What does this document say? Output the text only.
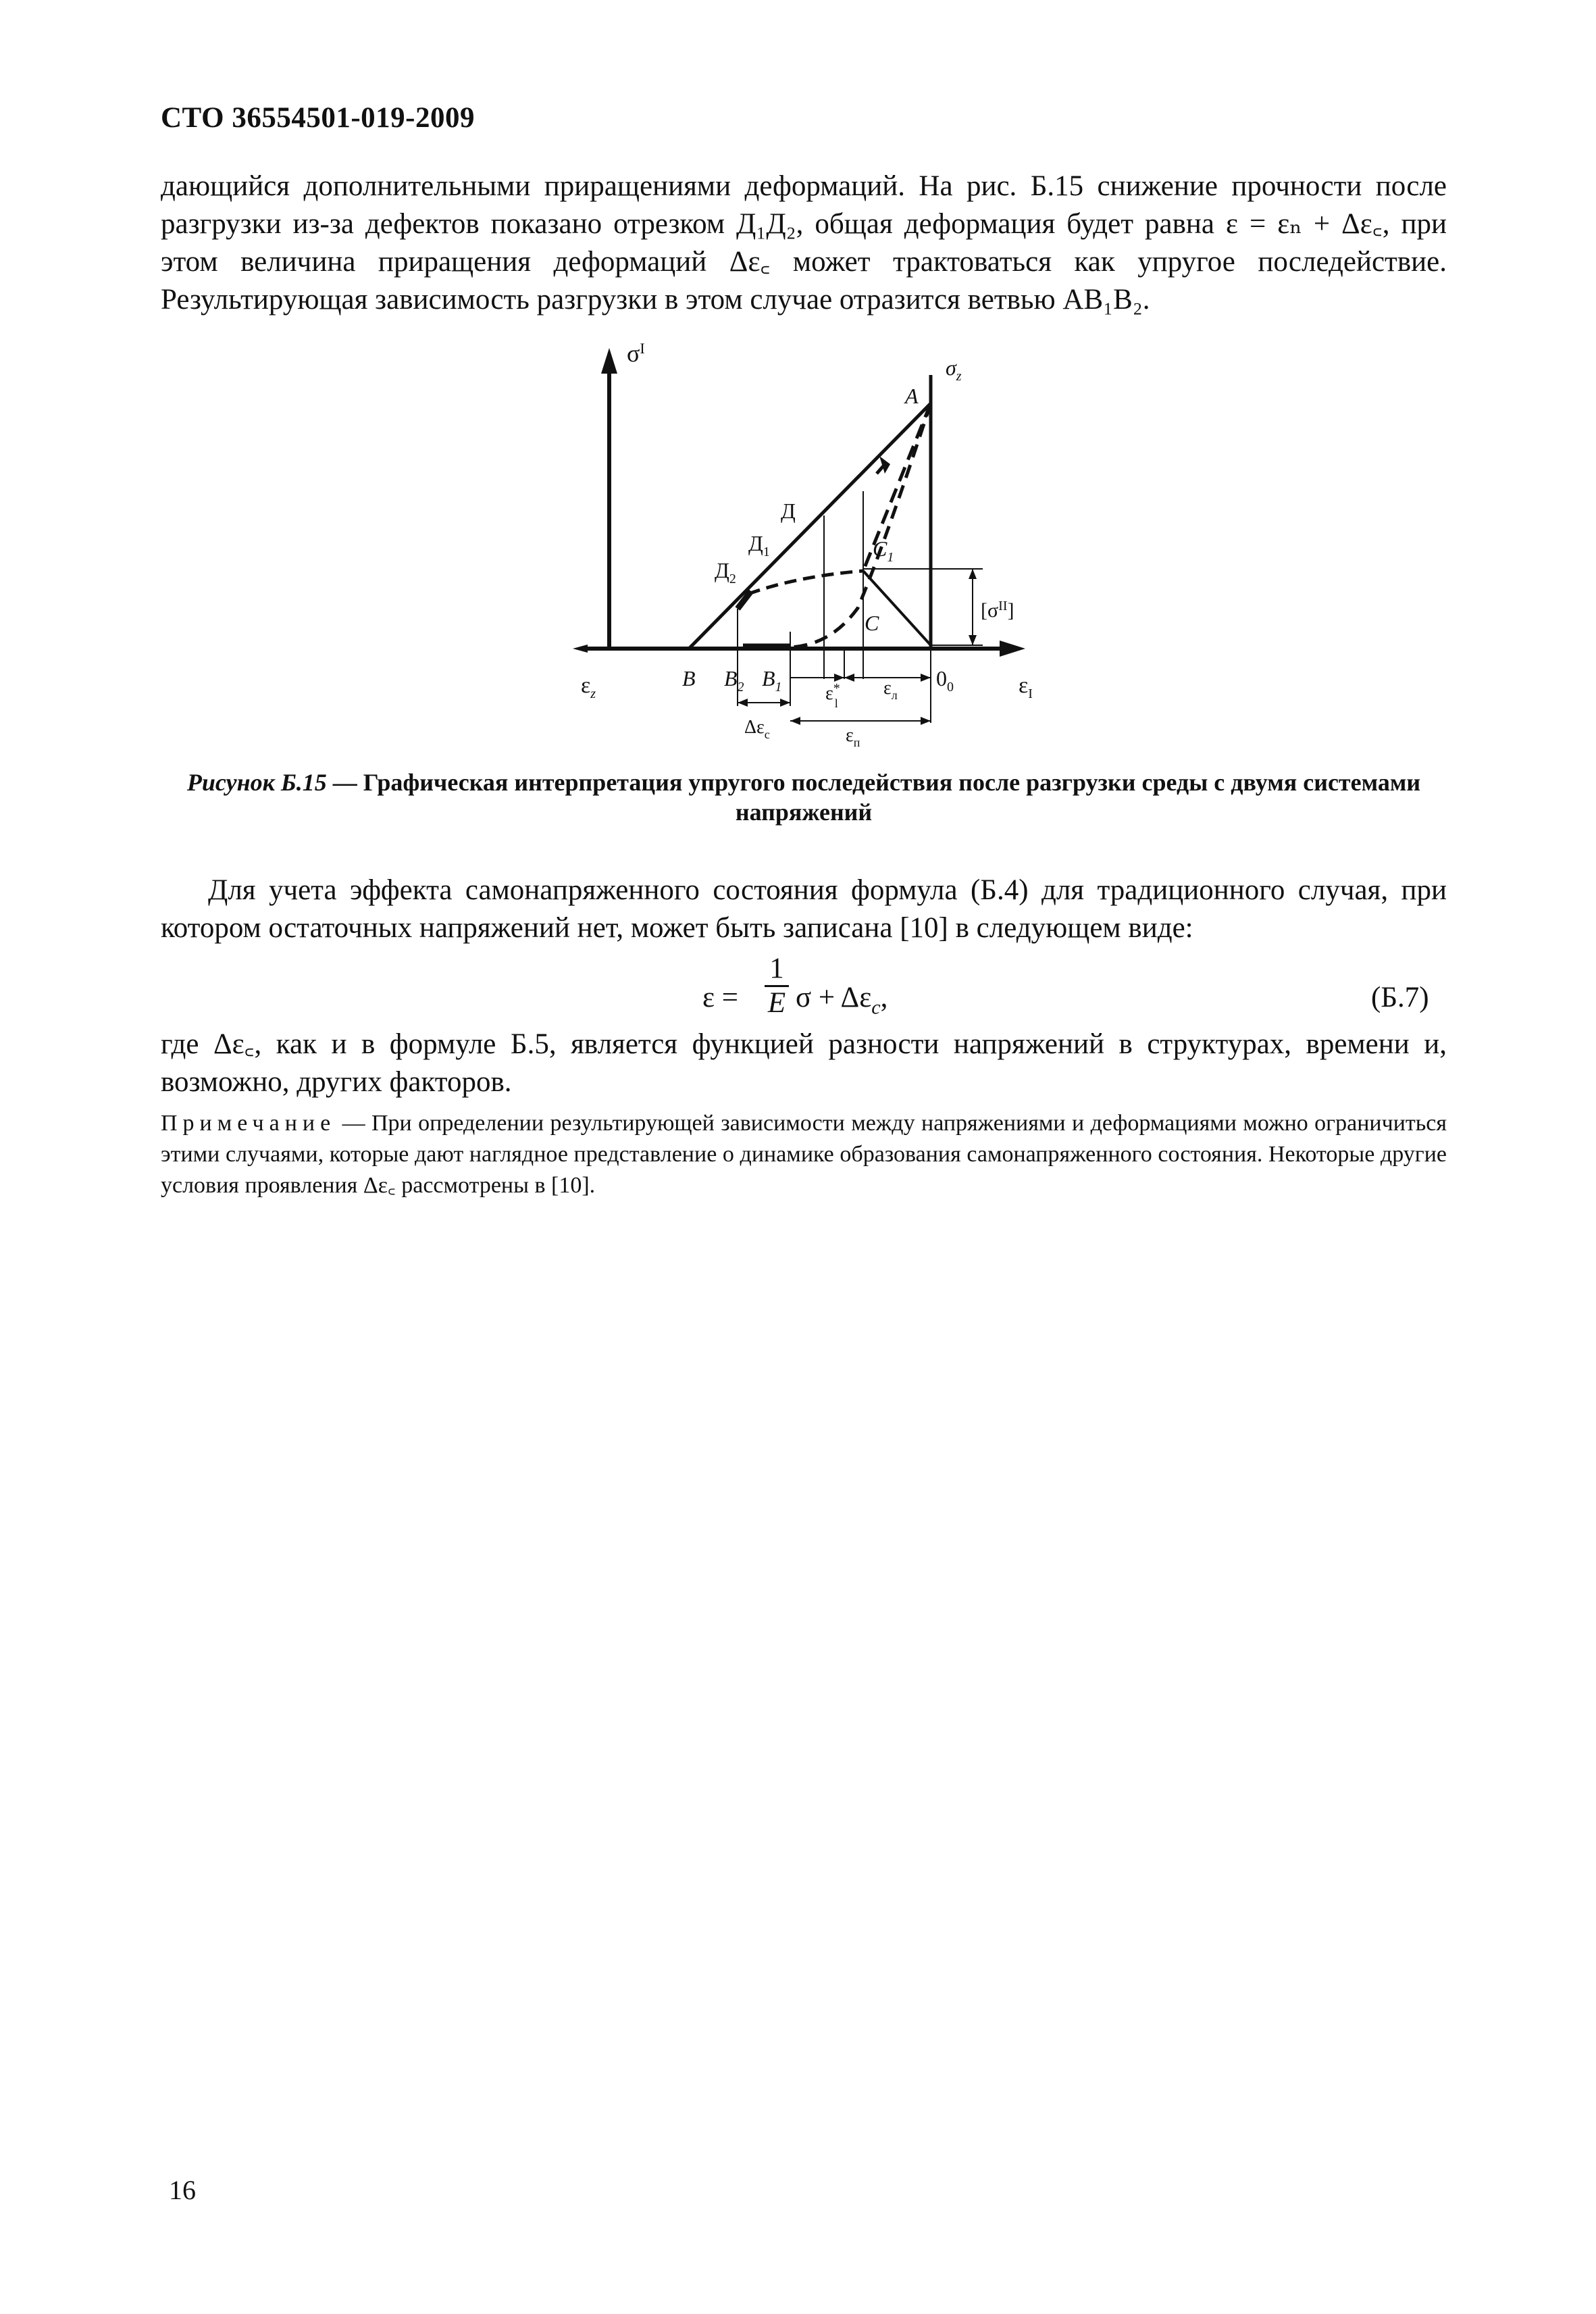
СТО 36554501-019-2009
дающийся дополнительными приращениями деформаций. На рис. Б.15 снижение прочности после разгрузки из-за дефектов показано отрезком Д₁Д₂, общая деформация будет равна ε = εₙ + Δε꜀, при этом величина приращения деформаций Δε꜀ может трактоваться как упругое последействие. Результирующая зависимость разгрузки в этом случае отразится ветвью АВ₁В₂.
$\sigma^I$
$\sigma_z$
$\varepsilon_z$	$\varepsilon_I$
$[\sigma^{II}]$
A
Д
$Д_1$
$Д_2$
$C_1$
C
B $B_2$ $B_1$	$0_0$
ε* l
$\varepsilon_л$
$\Delta\varepsilon_c$	$\varepsilon_п$
Рисунок Б.15 — Графическая интерпретация упругого последействия после разгрузки среды с двумя системами напряжений
Для учета эффекта самонапряженного состояния формула (Б.4) для традиционного случая, при котором остаточных напряжений нет, может быть записана [10] в следующем виде:
ε =
1
E $\sigma + \Delta\varepsilon_c$,	(Б.7)
где Δε꜀, как и в формуле Б.5, является функцией разности напряжений в структурах, времени и, возможно, других факторов.
Примечание — При определении результирующей зависимости между напряжениями и деформациями можно ограничиться этими случаями, которые дают наглядное представление о динамике образования самонапряженного состояния. Некоторые другие условия проявления Δε꜀ рассмотрены в [10].
16
